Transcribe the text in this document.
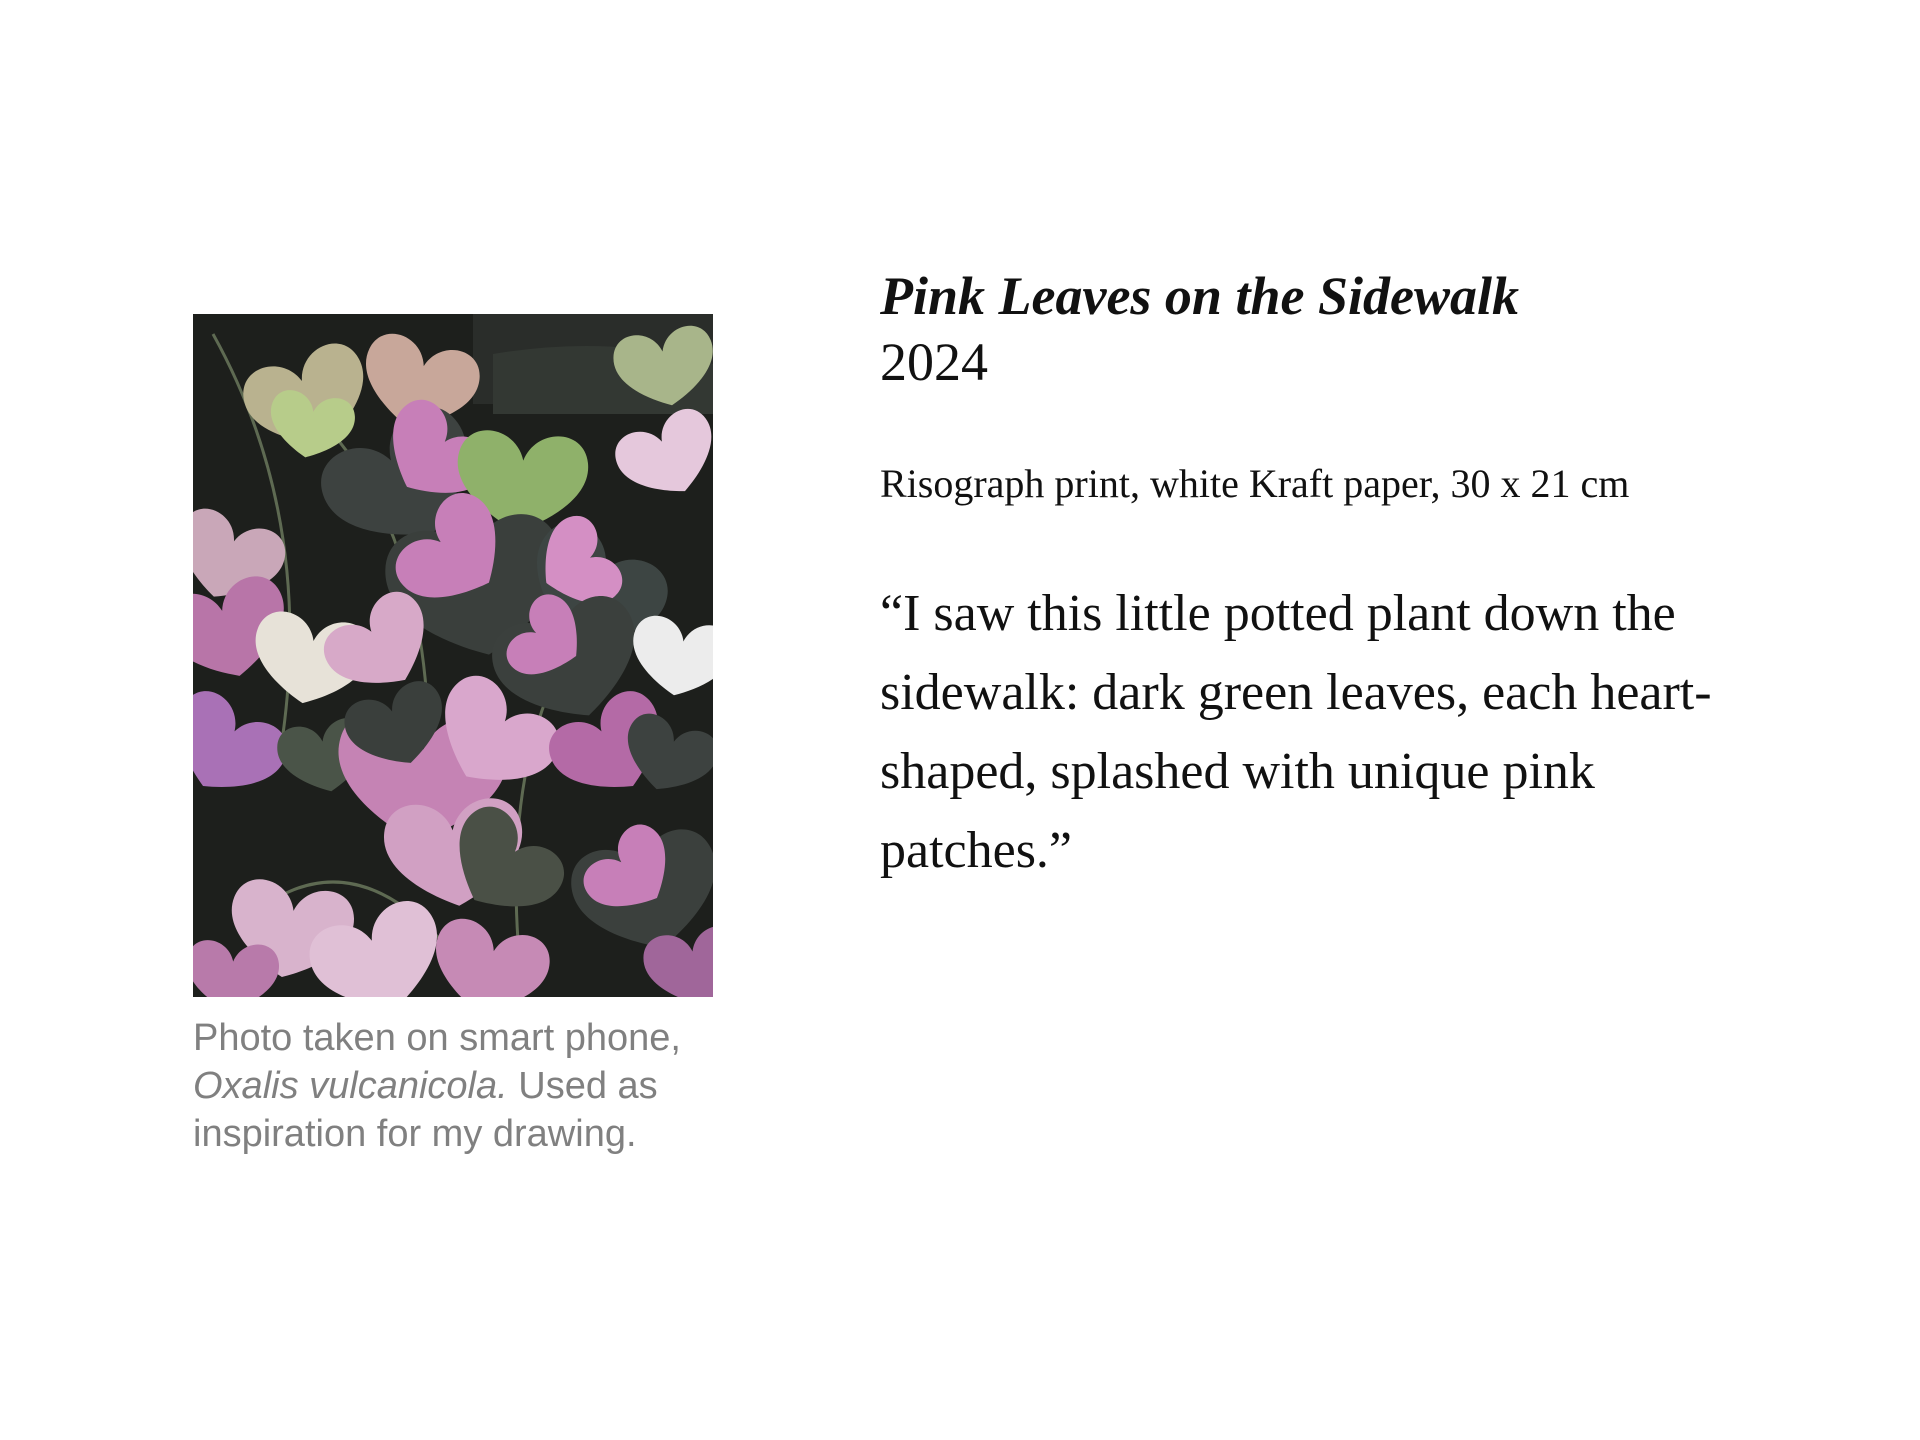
Photo taken on smart phone,
Oxalis vulcanicola. Used as inspiration for my drawing.
Pink Leaves on the Sidewalk
2024
Risograph print, white Kraft paper, 30 x 21 cm
“I saw this little potted plant down the sidewalk: dark green leaves, each heart-shaped, splashed with unique pink patches.”
